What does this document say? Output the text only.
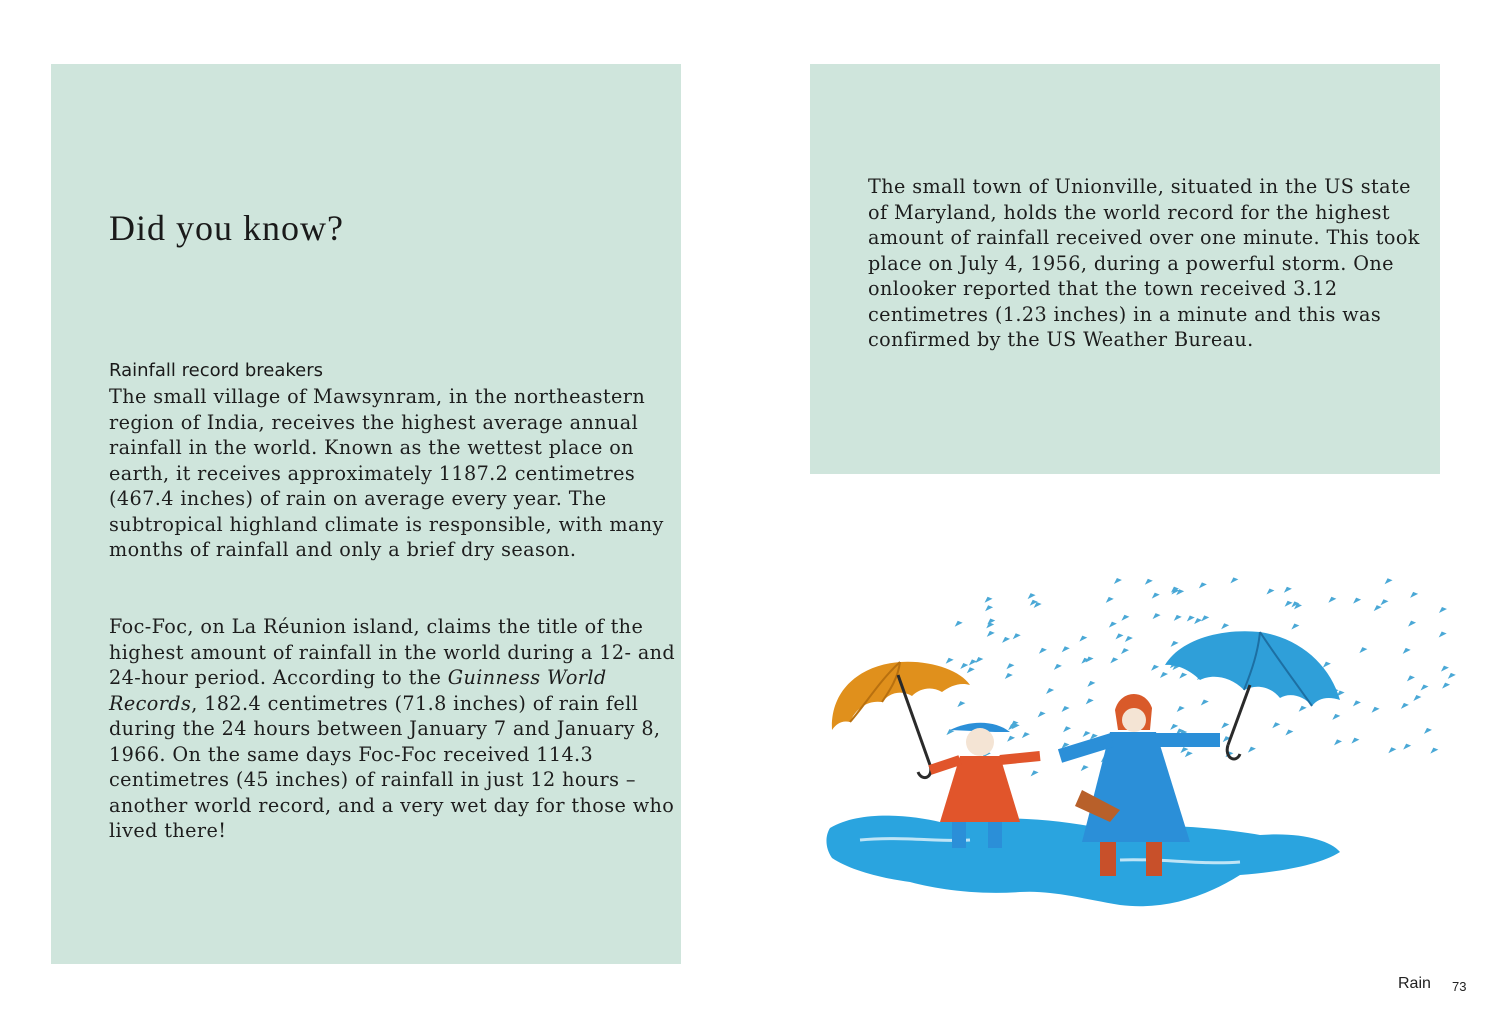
Did you know?
Rainfall record breakers

The small village of Mawsynram, in the northeastern region of India, receives the highest average annual rainfall in the world. Known as the wettest place on earth, it receives approximately 1187.2 centimetres (467.4 inches) of rain on average every year. The subtropical highland climate is responsible, with many months of rainfall and only a brief dry season.

Foc-Foc, on La Réunion island, claims the title of the highest amount of rainfall in the world during a 12- and 24-hour period. According to the Guinness World Records, 182.4 centimetres (71.8 inches) of rain fell during the 24 hours between January 7 and January 8, 1966. On the same days Foc-Foc received 114.3 centimetres (45 inches) of rainfall in just 12 hours – another world record, and a very wet day for those who lived there!

The small town of Unionville, situated in the US state of Maryland, holds the world record for the highest amount of rainfall received over one minute. This took place on July 4, 1956, during a powerful storm. One onlooker reported that the town received 3.12 centimetres (1.23 inches) in a minute and this was confirmed by the US Weather Bureau.

Rain 73
